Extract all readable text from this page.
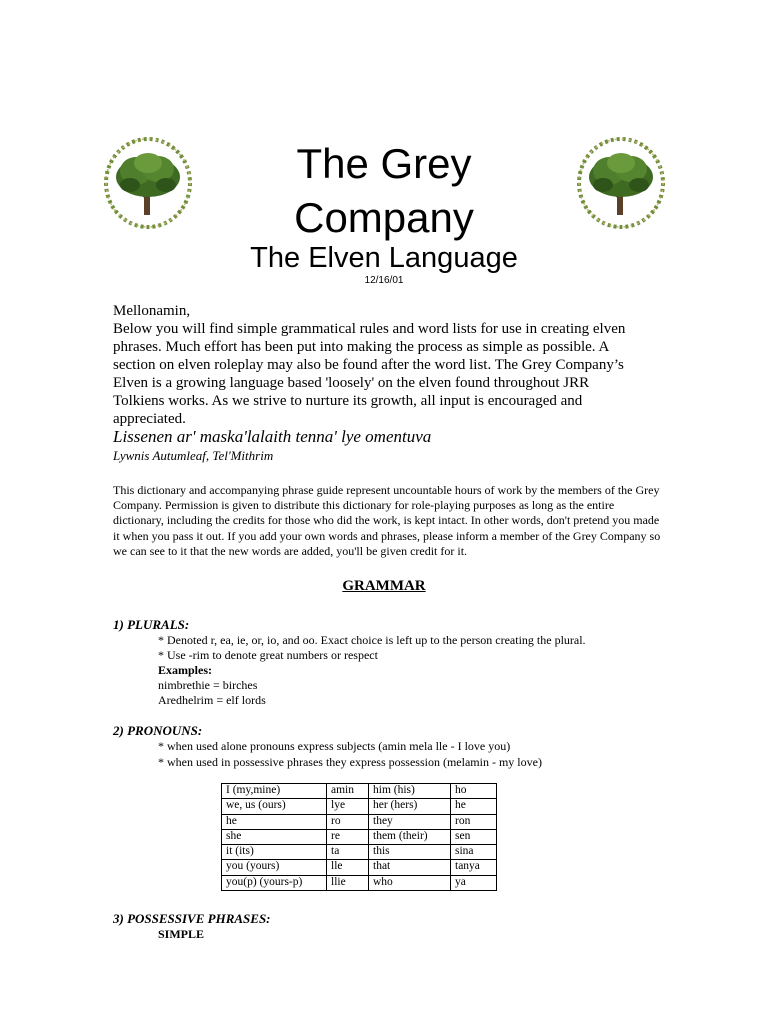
The Grey
Company
The Elven Language
12/16/01
Mellonamin,
Below you will find simple grammatical rules and word lists for use in creating elven phrases. Much effort has been put into making the process as simple as possible. A section on elven roleplay may also be found after the word list. The Grey Company’s Elven is a growing language based 'loosely' on the elven found throughout JRR Tolkiens works. As we strive to nurture its growth, all input is encouraged and appreciated.
Lissenen ar' maska'lalaith tenna' lye omentuva
Lywnis Autumleaf, Tel'Mithrim
This dictionary and accompanying phrase guide represent uncountable hours of work by the members of the Grey Company. Permission is given to distribute this dictionary for role-playing purposes as long as the entire dictionary, including the credits for those who did the work, is kept intact. In other words, don't pretend you made it when you pass it out. If you add your own words and phrases, please inform a member of the Grey Company so we can see to it that the new words are added, you'll be given credit for it.
GRAMMAR
1) PLURALS:
* Denoted r, ea, ie, or, io, and oo. Exact choice is left up to the person creating the plural.
* Use -rim to denote great numbers or respect
Examples:
nimbrethie = birches
Aredhelrim = elf lords
2) PRONOUNS:
* when used alone pronouns express subjects (amin mela lle - I love you)
* when used in possessive phrases they express possession (melamin - my love)
I (my,mine)	amin	him (his)	ho
we, us (ours)	lye	her (hers)	he
he	ro	they	ron
she	re	them (their)	sen
it (its)	ta	this	sina
you (yours)	lle	that	tanya
you(p) (yours-p)	llie	who	ya
3) POSSESSIVE PHRASES:
SIMPLE
